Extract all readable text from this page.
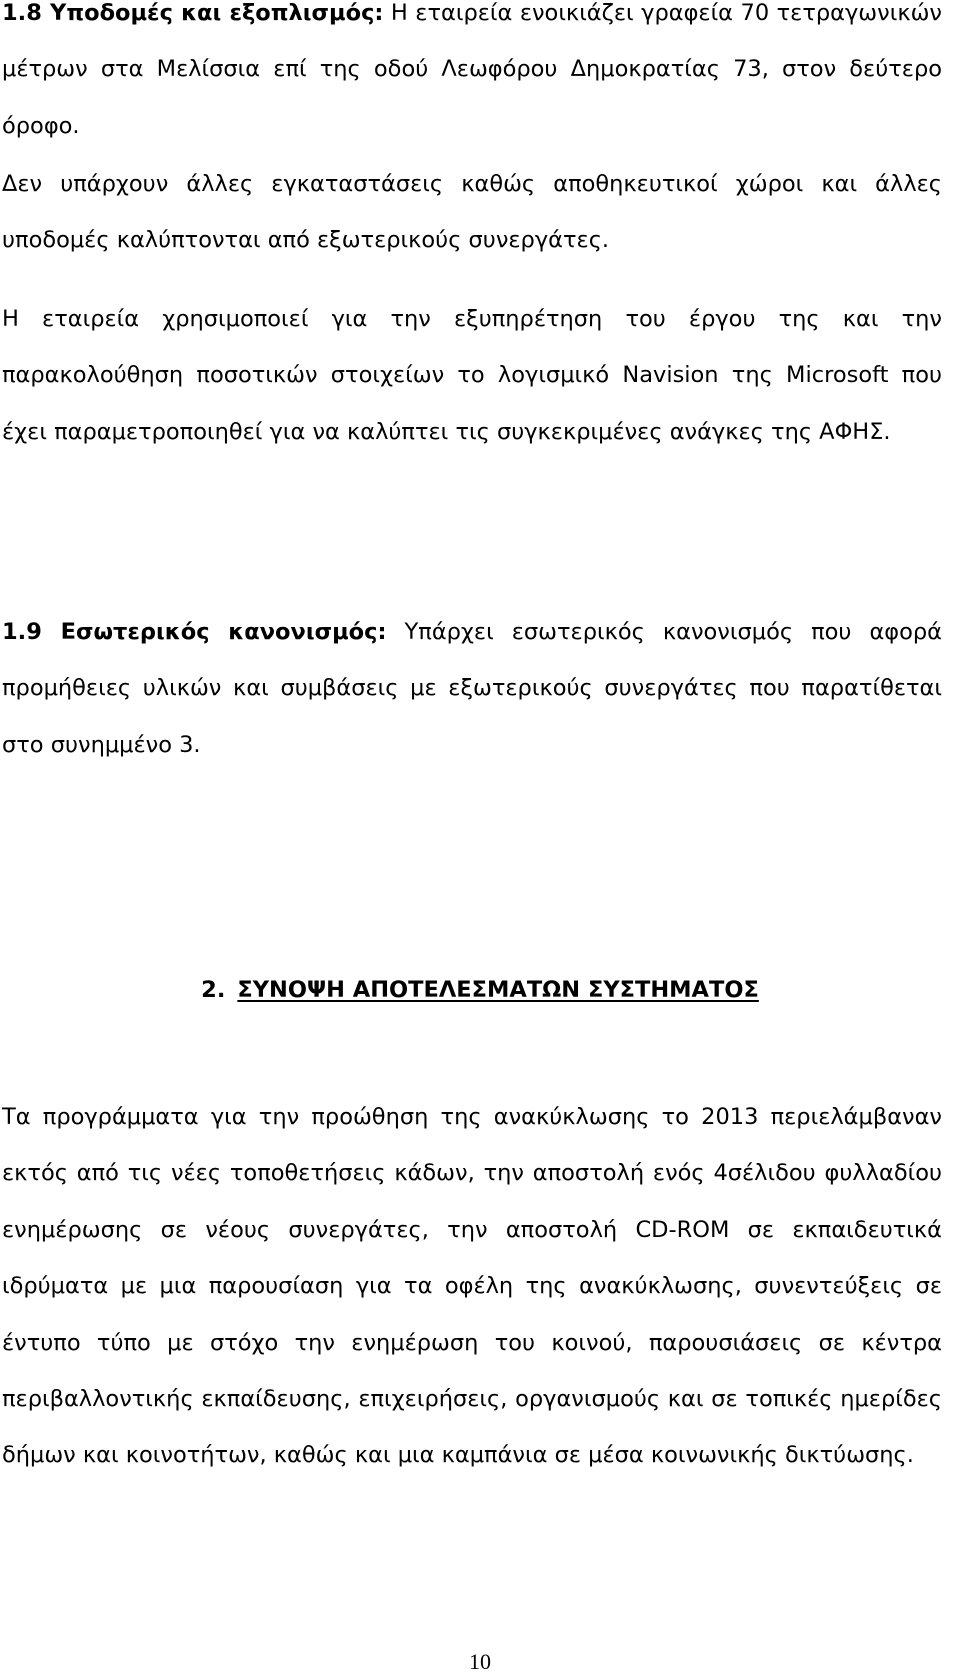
1.8 Υποδομές και εξοπλισμός: Η εταιρεία ενοικιάζει γραφεία 70 τετραγωνικών μέτρων στα Μελίσσια επί της οδού Λεωφόρου Δημοκρατίας 73, στον δεύτερο όροφο.

Δεν υπάρχουν άλλες εγκαταστάσεις καθώς αποθηκευτικοί χώροι και άλλες υποδομές καλύπτονται από εξωτερικούς συνεργάτες.

Η εταιρεία χρησιμοποιεί για την εξυπηρέτηση του έργου της και την παρακολούθηση ποσοτικών στοιχείων το λογισμικό Navision της Microsoft που έχει παραμετροποιηθεί για να καλύπτει τις συγκεκριμένες ανάγκες της ΑΦΗΣ.

1.9 Εσωτερικός κανονισμός: Υπάρχει εσωτερικός κανονισμός που αφορά προμήθειες υλικών και συμβάσεις με εξωτερικούς συνεργάτες που παρατίθεται στο συνημμένο 3.

2. ΣΥΝΟΨΗ ΑΠΟΤΕΛΕΣΜΑΤΩΝ ΣΥΣΤΗΜΑΤΟΣ

Τα προγράμματα για την προώθηση της ανακύκλωσης το 2013 περιελάμβαναν εκτός από τις νέες τοποθετήσεις κάδων, την αποστολή ενός 4σέλιδου φυλλαδίου ενημέρωσης σε νέους συνεργάτες, την αποστολή CD-ROM σε εκπαιδευτικά ιδρύματα με μια παρουσίαση για τα οφέλη της ανακύκλωσης, συνεντεύξεις σε έντυπο τύπο με στόχο την ενημέρωση του κοινού, παρουσιάσεις σε κέντρα περιβαλλοντικής εκπαίδευσης, επιχειρήσεις, οργανισμούς και σε τοπικές ημερίδες δήμων και κοινοτήτων, καθώς και μια καμπάνια σε μέσα κοινωνικής δικτύωσης.

10
